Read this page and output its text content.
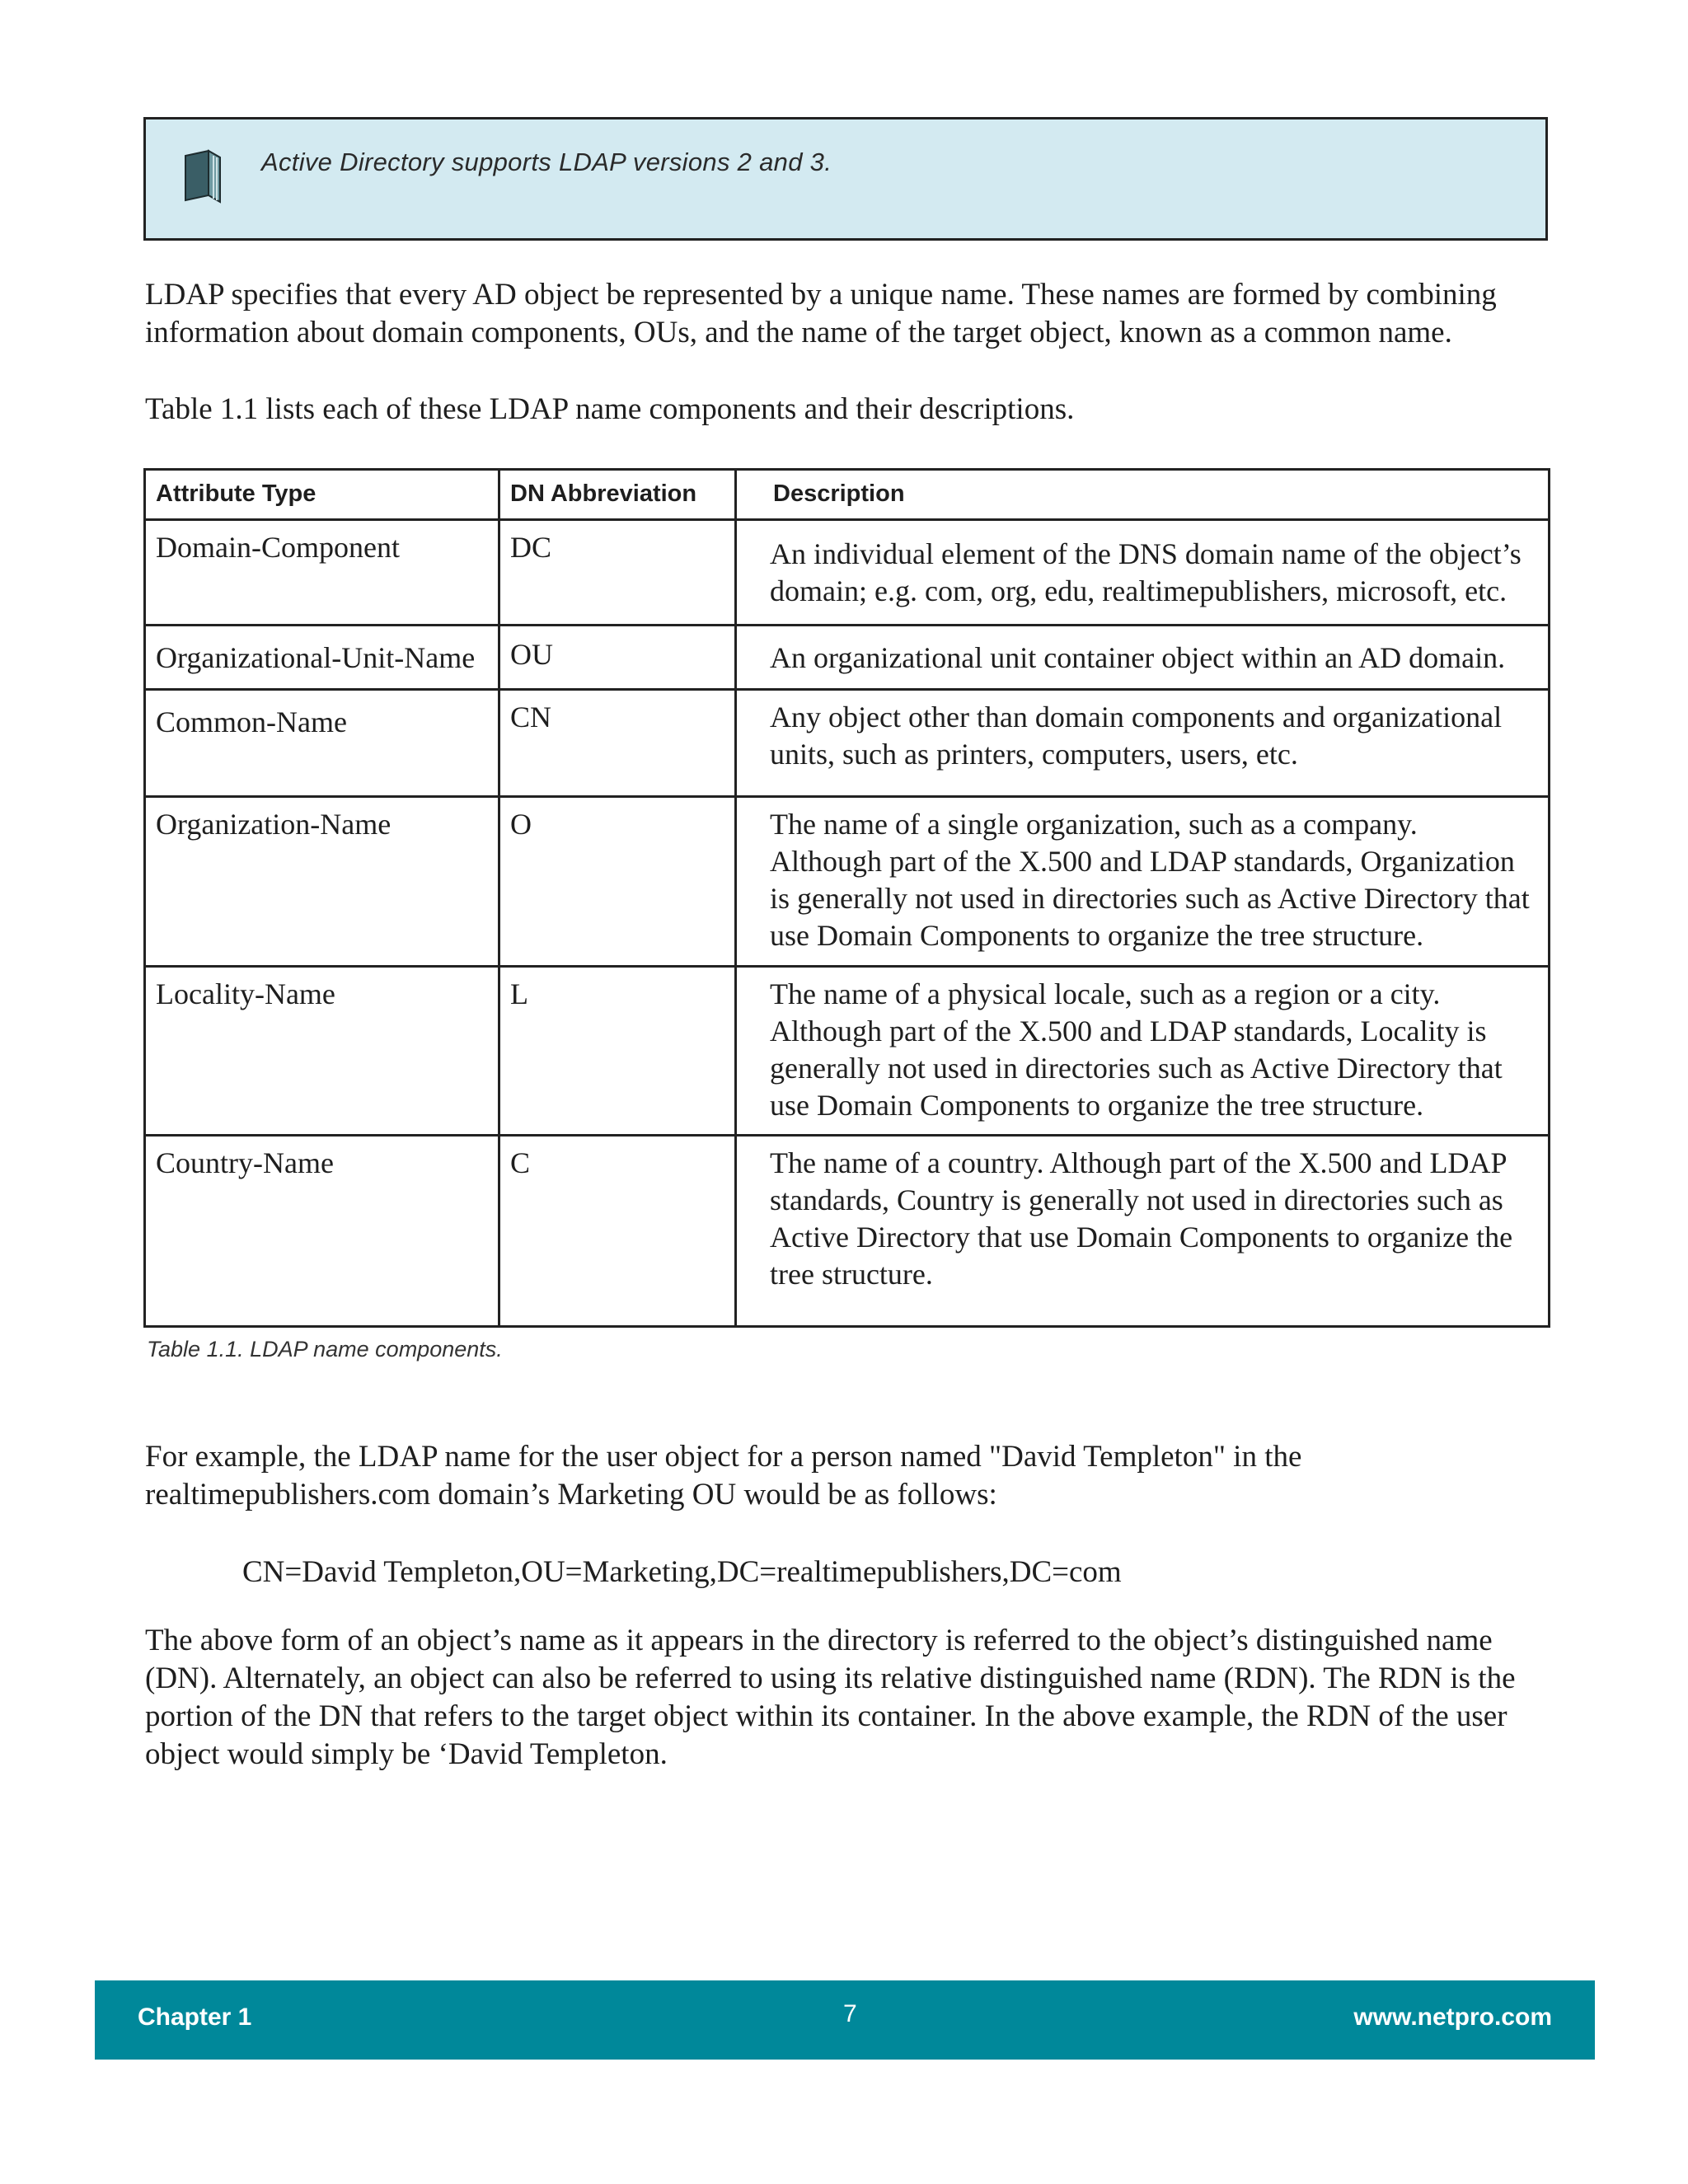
Active Directory supports LDAP versions 2 and 3.

LDAP specifies that every AD object be represented by a unique name. These names are formed by combining information about domain components, OUs, and the name of the target object, known as a common name.

Table 1.1 lists each of these LDAP name components and their descriptions.

Attribute Type	DN Abbreviation	Description
Domain-Component	DC	An individual element of the DNS domain name of the object’s domain; e.g. com, org, edu, realtimepublishers, microsoft, etc.
Organizational-Unit-Name	OU	An organizational unit container object within an AD domain.
Common-Name	CN	Any object other than domain components and organizational units, such as printers, computers, users, etc.
Organization-Name	O	The name of a single organization, such as a company. Although part of the X.500 and LDAP standards, Organization is generally not used in directories such as Active Directory that use Domain Components to organize the tree structure.
Locality-Name	L	The name of a physical locale, such as a region or a city. Although part of the X.500 and LDAP standards, Locality is generally not used in directories such as Active Directory that use Domain Components to organize the tree structure.
Country-Name	C	The name of a country. Although part of the X.500 and LDAP standards, Country is generally not used in directories such as Active Directory that use Domain Components to organize the tree structure.
Table 1.1. LDAP name components.

For example, the LDAP name for the user object for a person named "David Templeton" in the realtimepublishers.com domain’s Marketing OU would be as follows:

CN=David Templeton,OU=Marketing,DC=realtimepublishers,DC=com

The above form of an object’s name as it appears in the directory is referred to the object’s distinguished name (DN). Alternately, an object can also be referred to using its relative distinguished name (RDN). The RDN is the portion of the DN that refers to the target object within its container. In the above example, the RDN of the user object would simply be ‘David Templeton.

Chapter 1	7	www.netpro.com
